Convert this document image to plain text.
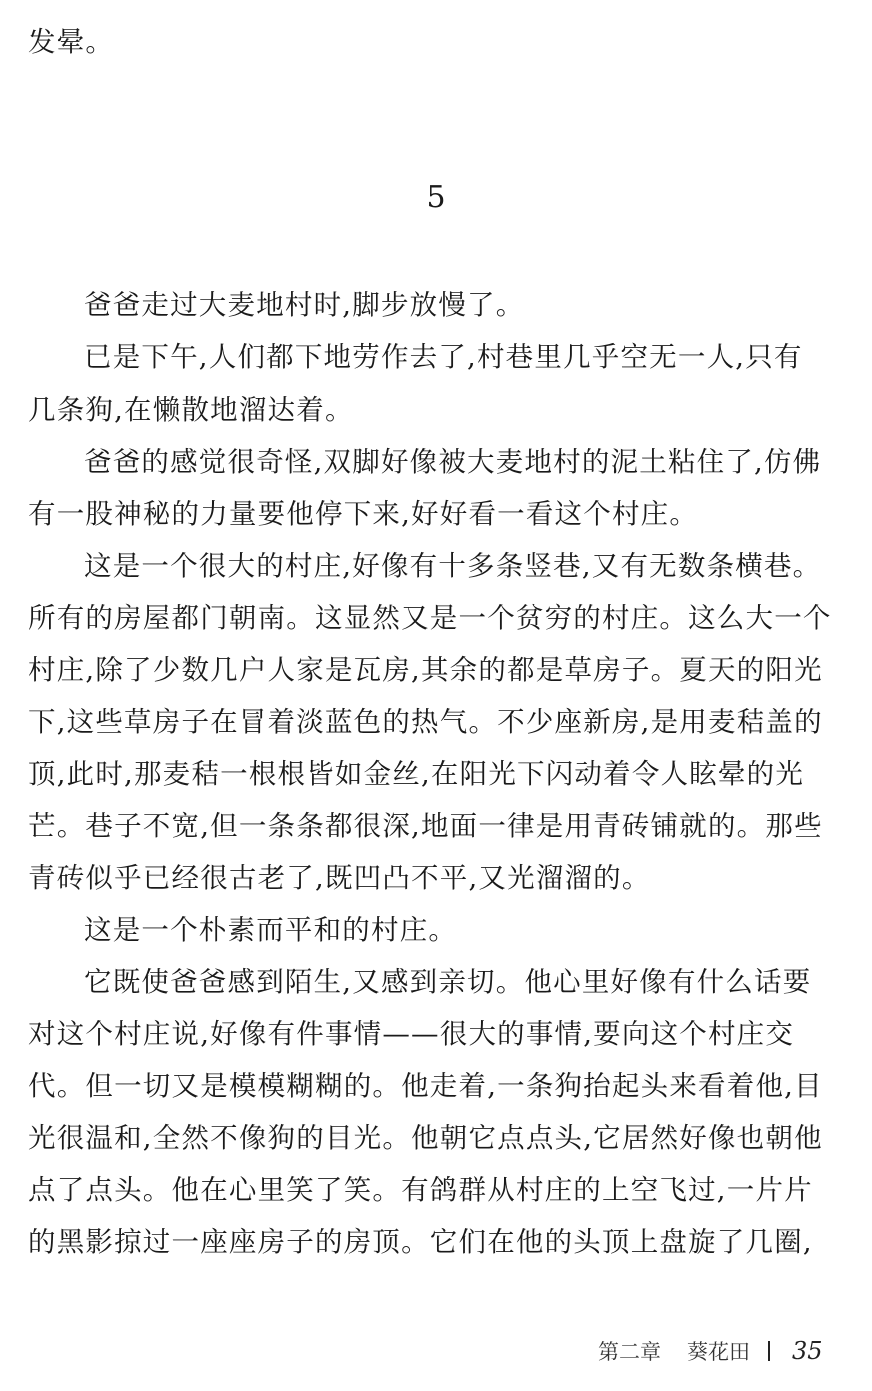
发晕。
5
爸爸走过大麦地村时,脚步放慢了。
已是下午,人们都下地劳作去了,村巷里几乎空无一人,只有
几条狗,在懒散地溜达着。
爸爸的感觉很奇怪,双脚好像被大麦地村的泥土粘住了,仿佛
有一股神秘的力量要他停下来,好好看一看这个村庄。
这是一个很大的村庄,好像有十多条竖巷,又有无数条横巷。
所有的房屋都门朝南。这显然又是一个贫穷的村庄。这么大一个
村庄,除了少数几户人家是瓦房,其余的都是草房子。夏天的阳光
下,这些草房子在冒着淡蓝色的热气。不少座新房,是用麦秸盖的
顶,此时,那麦秸一根根皆如金丝,在阳光下闪动着令人眩晕的光
芒。巷子不宽,但一条条都很深,地面一律是用青砖铺就的。那些
青砖似乎已经很古老了,既凹凸不平,又光溜溜的。
这是一个朴素而平和的村庄。
它既使爸爸感到陌生,又感到亲切。他心里好像有什么话要
对这个村庄说,好像有件事情——很大的事情,要向这个村庄交
代。但一切又是模模糊糊的。他走着,一条狗抬起头来看着他,目
光很温和,全然不像狗的目光。他朝它点点头,它居然好像也朝他
点了点头。他在心里笑了笑。有鸽群从村庄的上空飞过,一片片
的黑影掠过一座座房子的房顶。它们在他的头顶上盘旋了几圈,
第二章 葵花田 35
